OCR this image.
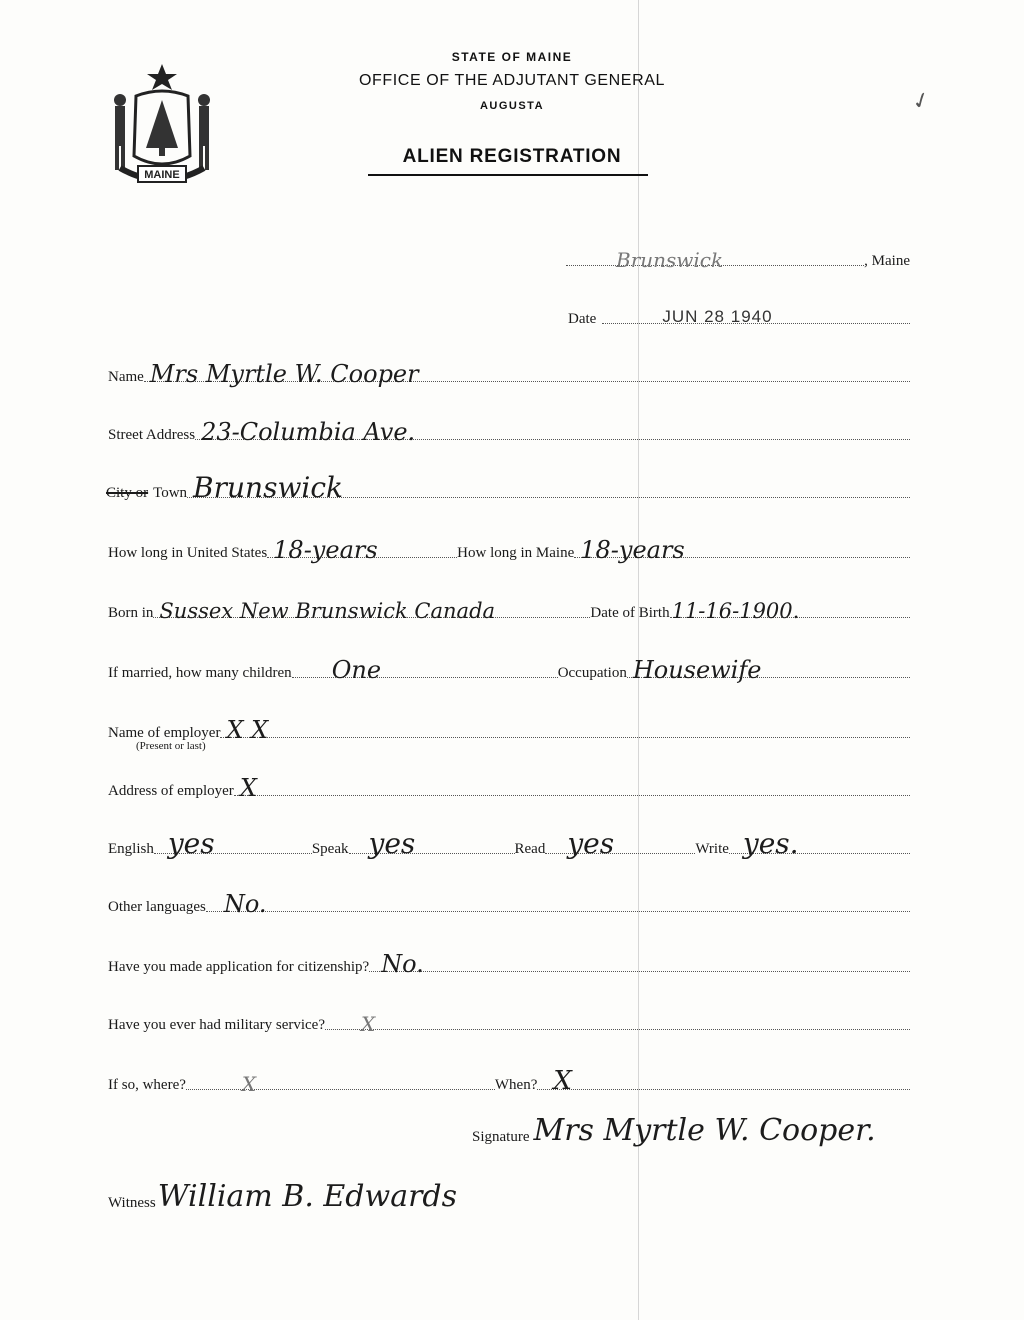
MAINE
STATE OF MAINE
OFFICE OF THE ADJUTANT GENERAL
AUGUSTA
ALIEN REGISTRATION
✓
Brunswick	, Maine
Date	JUN 28 1940
Name Mrs Myrtle W. Cooper
Street Address 23-Columbia Ave.
City or Town Brunswick
How long in United States 18-years	How long in Maine 18-years
Born in Sussex New Brunswick Canada	Date of Birth 11-16-1900.
If married, how many children One	Occupation Housewife
Name of employer X X
(Present or last)
Address of employer X
English yes	Speak yes	Read yes	Write yes.
Other languages No.
Have you made application for citizenship? No.
Have you ever had military service? X
If so, where?	X	When? X
Signature Mrs Myrtle W. Cooper.
Witness William B. Edwards
